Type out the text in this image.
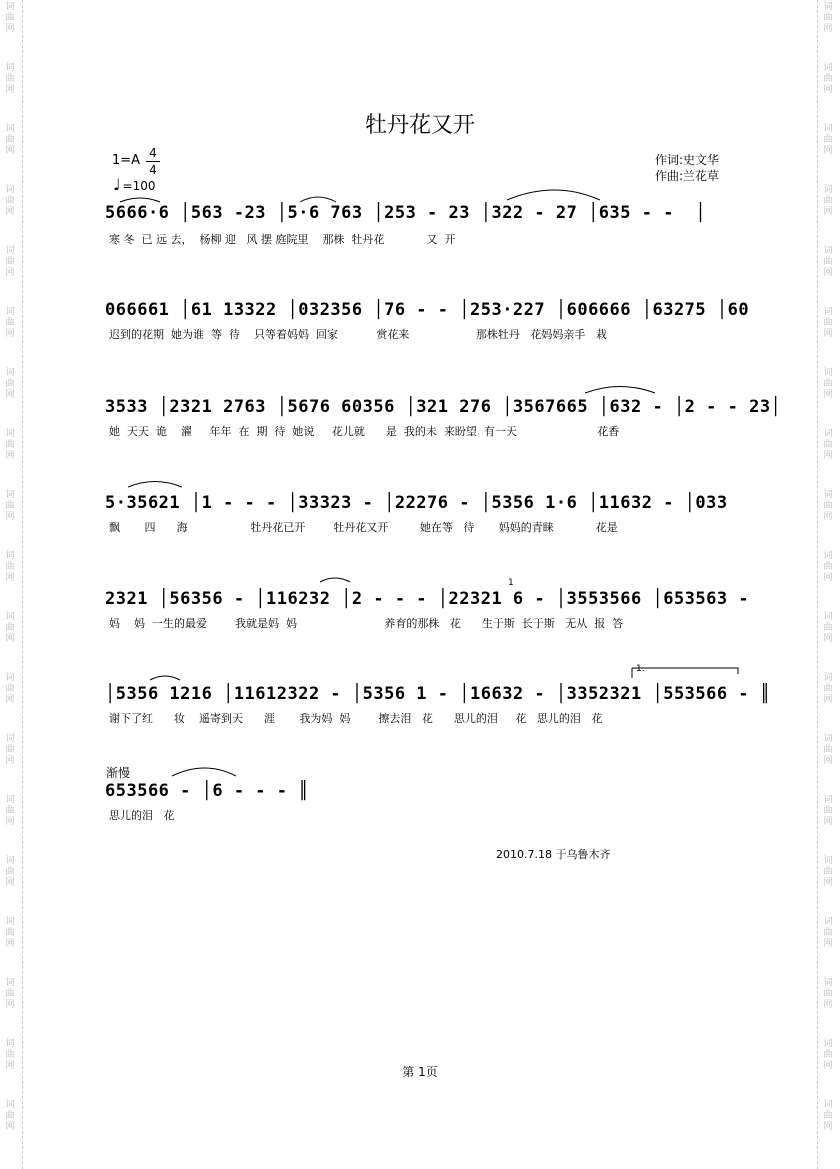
词
曲
网
词
曲
网
词
曲
网
词
曲
网
词
曲
网
词
曲
网
词
曲
网
词
曲
网
词
曲
网
词
曲
网
词
曲
网
词
曲
网
词
曲
网
词
曲
网
词
曲
网
词
曲
网
词
曲
网
词
曲
网
词
曲
网
词
曲
网
词
曲
网
词
曲
网
词
曲
网
词
曲
网
词
曲
网
词
曲
网
词
曲
网
词
曲
网
词
曲
网
词
曲
网
词
曲
网
词
曲
网
词
曲
网
词
曲
网
词
曲
网
词
曲
网
词
曲
网
词
曲
网
牡丹花又开
1=A 4
4
♩ =100
作词:史文华
作曲:兰花草
5666·6 │563 -23 │5·6 763 │253 - 23 │322 - 27 │635 - -  │
寒 冬  已 远 去，  杨柳 迎   风 摆 庭院里    那株  牡丹花            又  开
066661 │61 13322 │032356 │76 - - │253·227 │606666 │63275 │60
迟到的花期  她为谁  等  待    只等着妈妈  回家           赏花来                   那株牡丹   花妈妈亲手   栽
3533 │2321 2763 │5676 60356 │321 276 │3567665 │632 - │2 - - 23│
她  天天  诡    濯     年年  在  期  待  她说     花儿就      是  我的未  来盼望  有一天                       花香
5·35621 │1 - - - │33323 - │22276 - │5356 1·6 │11632 - │033
飘       四      海                  牡丹花已开        牡丹花又开         她在等   待       妈妈的青睐            花是
2321 │56356 - │116232 │2 - - - │22321 6 - │3553566 │653563 -
妈    妈  一生的最爱        我就是妈  妈                         养育的那株   花      生于斯  长于斯   无从  报  答
│5356 1216 │11612322 - │5356 1 - │16632 - │3352321 │553566 - ║
谢下了红      妆    遥寄到天      涯       我为妈  妈        擦去泪   花      思儿的泪     花   思儿的泪   花
渐慢
653566 - │6 - - - ║
思儿的泪   花
1.
1
2010.7.18 于乌鲁木齐
第 1页
